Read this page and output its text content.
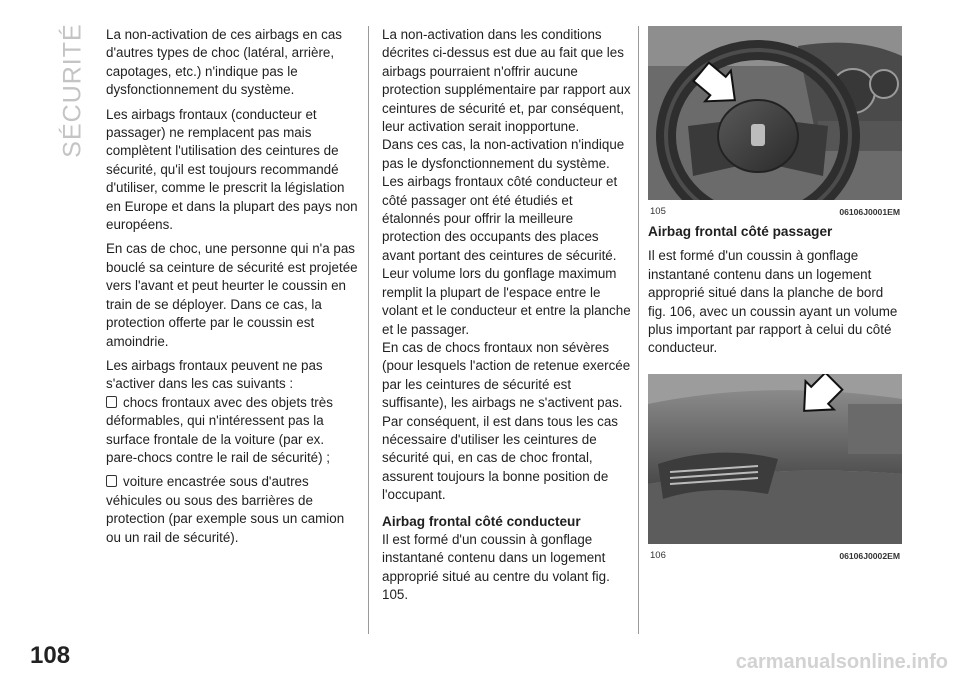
SÉCURITÉ La non-activation de ces airbags en cas d'autres types de choc (latéral, arrière, capotages, etc.) n'indique pas le dysfonctionnement du système.

Les airbags frontaux (conducteur et passager) ne remplacent pas mais complètent l'utilisation des ceintures de sécurité, qu'il est toujours recommandé d'utiliser, comme le prescrit la législation en Europe et dans la plupart des pays non européens.

En cas de choc, une personne qui n'a pas bouclé sa ceinture de sécurité est projetée vers l'avant et peut heurter le coussin en train de se déployer. Dans ce cas, la protection offerte par le coussin est amoindrie.

Les airbags frontaux peuvent ne pas s'activer dans les cas suivants :

chocs frontaux avec des objets très déformables, qui n'intéressent pas la surface frontale de la voiture (par ex. pare-chocs contre le rail de sécurité) ;

voiture encastrée sous d'autres véhicules ou sous des barrières de protection (par exemple sous un camion ou un rail de sécurité).

La non-activation dans les conditions décrites ci-dessus est due au fait que les airbags pourraient n'offrir aucune protection supplémentaire par rapport aux ceintures de sécurité et, par conséquent, leur activation serait inopportune.

Dans ces cas, la non-activation n'indique pas le dysfonctionnement du système.

Les airbags frontaux côté conducteur et côté passager ont été étudiés et étalonnés pour offrir la meilleure protection des occupants des places avant portant des ceintures de sécurité. Leur volume lors du gonflage maximum remplit la plupart de l'espace entre le volant et le conducteur et entre la planche et le passager.

En cas de chocs frontaux non sévères (pour lesquels l'action de retenue exercée par les ceintures de sécurité est suffisante), les airbags ne s'activent pas. Par conséquent, il est dans tous les cas nécessaire d'utiliser les ceintures de sécurité qui, en cas de choc frontal, assurent toujours la bonne position de l'occupant.

Airbag frontal côté conducteur

Il est formé d'un coussin à gonflage instantané contenu dans un logement approprié situé au centre du volant fig. 105.

105	06106J0001EM

Airbag frontal côté passager

Il est formé d'un coussin à gonflage instantané contenu dans un logement approprié situé dans la planche de bord fig. 106, avec un coussin ayant un volume plus important par rapport à celui du côté conducteur.

106	06106J0002EM
108	carmanualsonline.info
